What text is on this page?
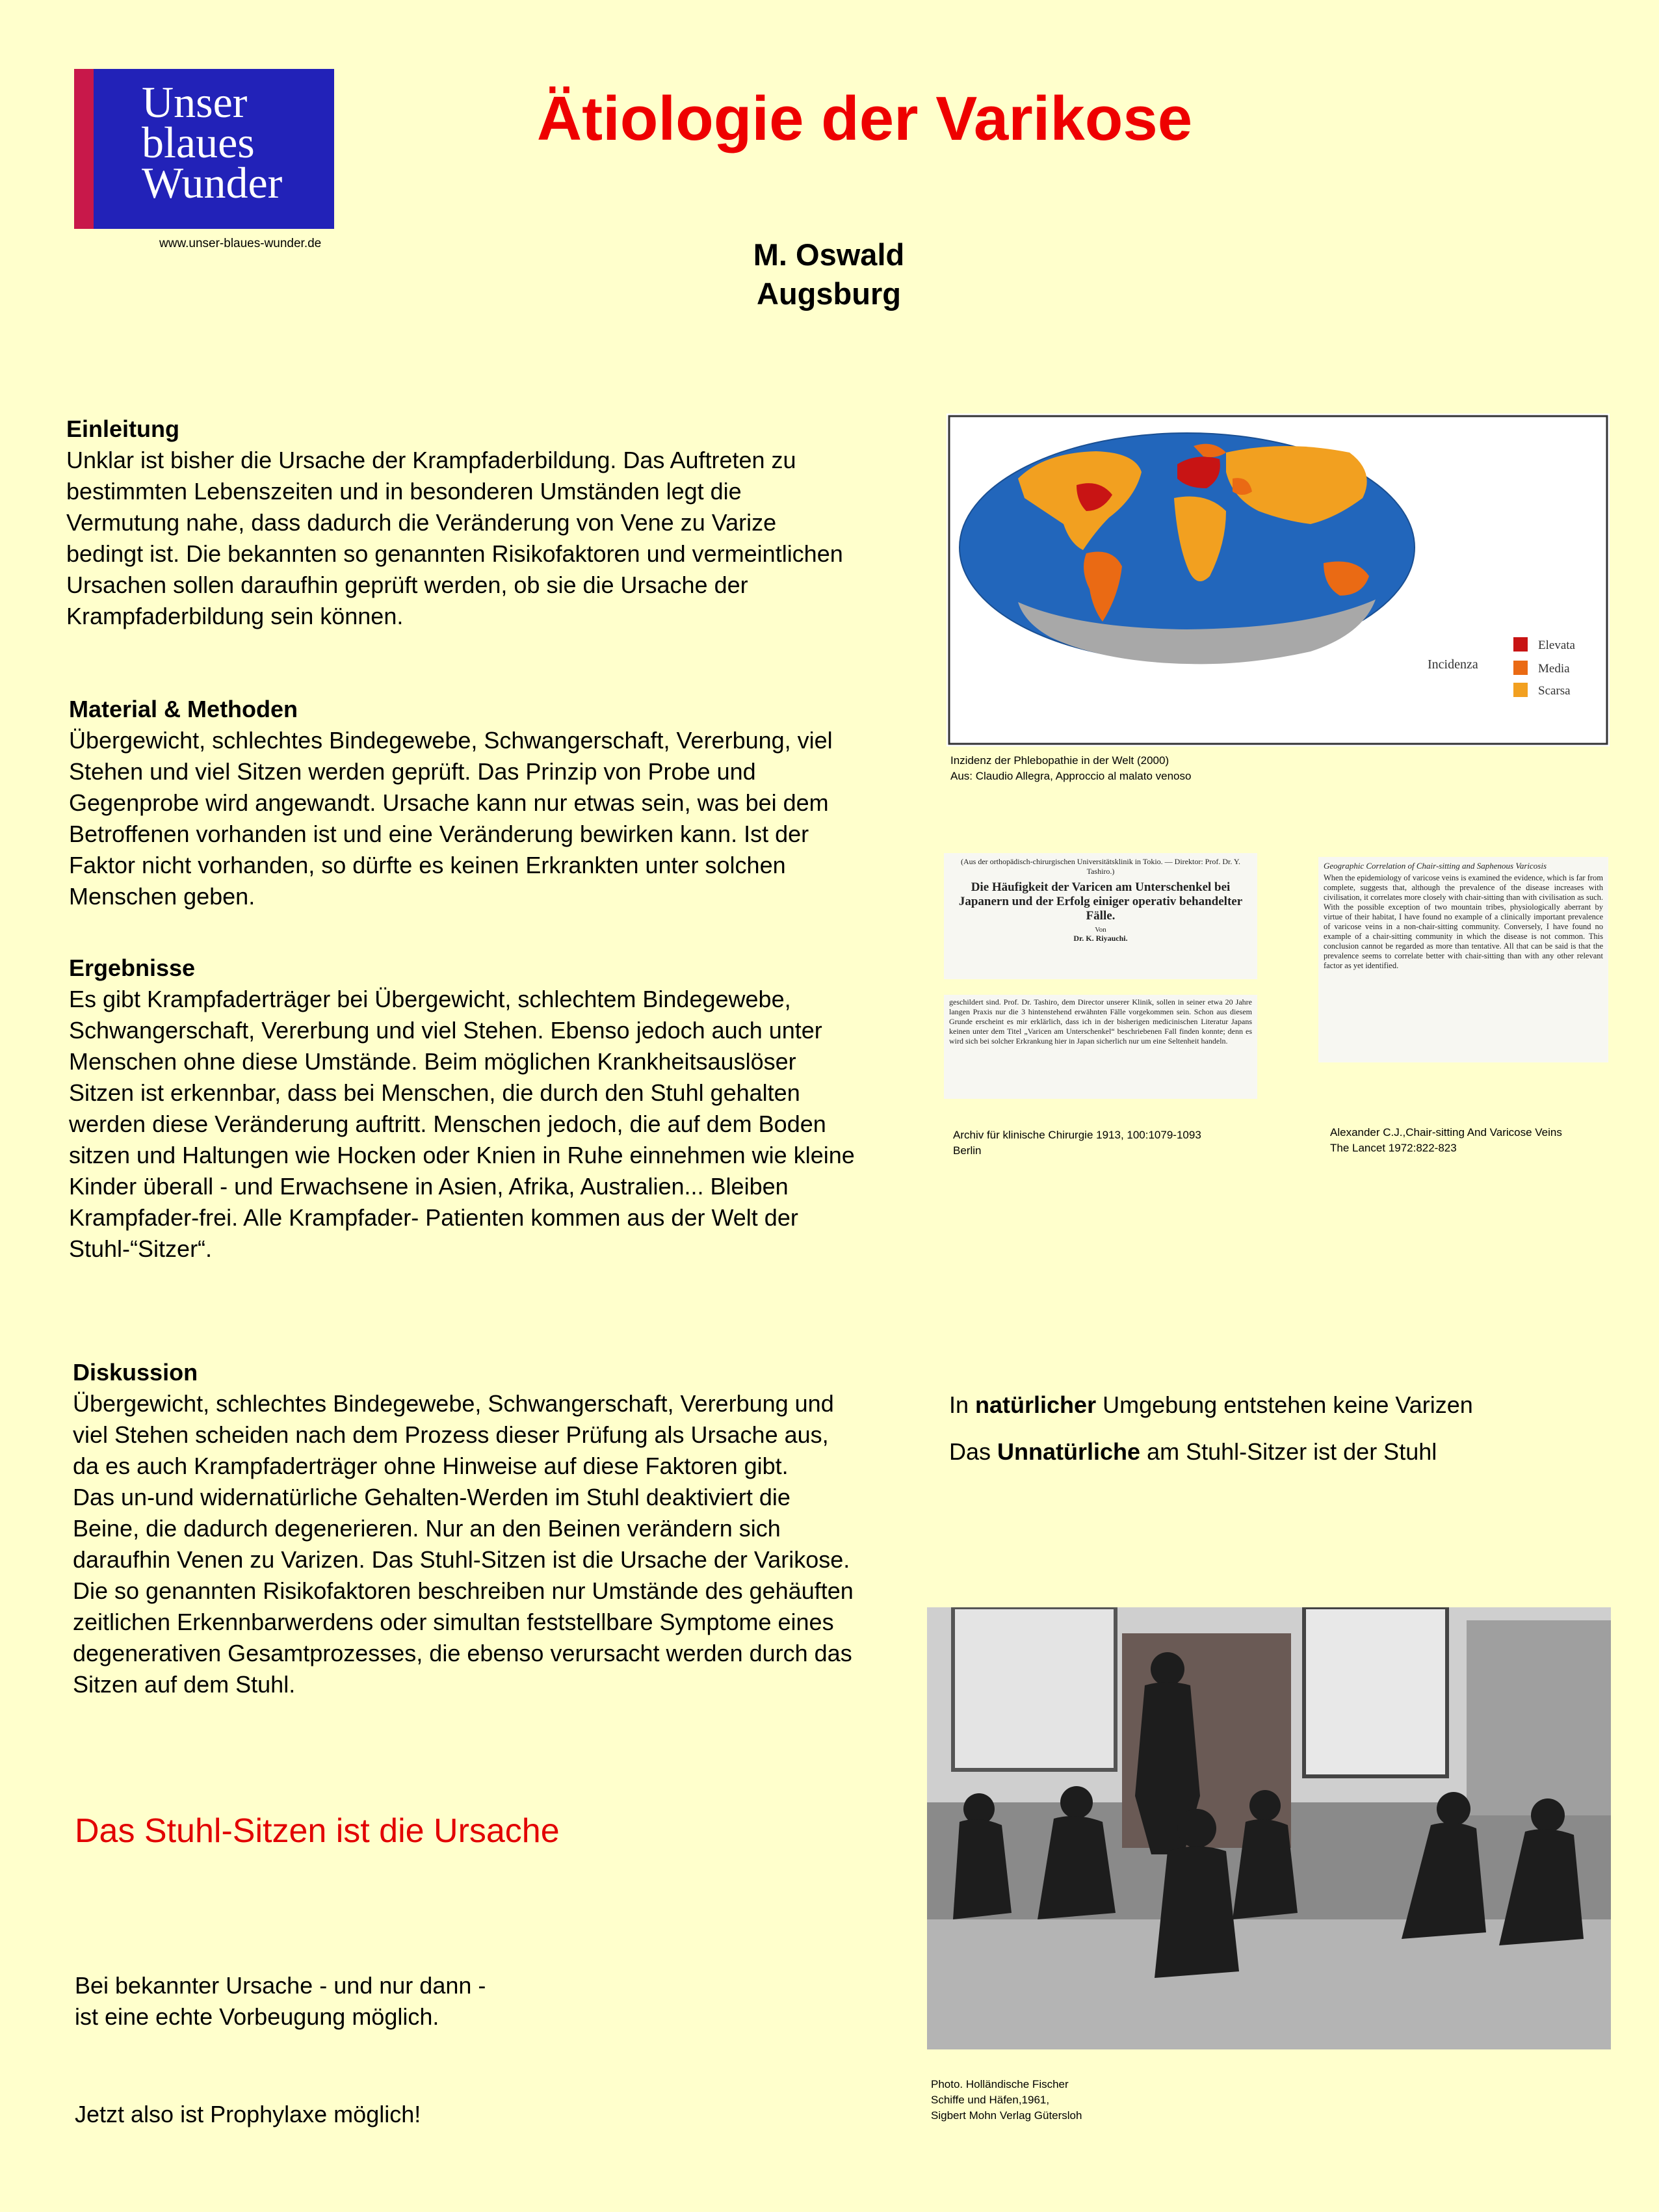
Unser
blaues
Wunder
www.unser-blaues-wunder.de
Ätiologie der Varikose
M. Oswald
Augsburg
Einleitung

Unklar ist bisher die Ursache der Krampfaderbildung. Das Auftreten zu bestimmten Lebenszeiten und in besonderen Umständen legt die Vermutung nahe, dass dadurch die Veränderung von Vene zu Varize bedingt ist. Die bekannten so genannten Risikofaktoren und vermeintlichen Ursachen sollen daraufhin geprüft werden, ob sie die Ursache der Krampfaderbildung sein können.

Material & Methoden

Übergewicht, schlechtes Bindegewebe, Schwangerschaft, Vererbung, viel Stehen und viel Sitzen werden geprüft. Das Prinzip von Probe und Gegenprobe wird angewandt. Ursache kann nur etwas sein, was bei dem Betroffenen vorhanden ist und eine Veränderung bewirken kann. Ist der Faktor nicht vorhanden, so dürfte es keinen Erkrankten unter solchen Menschen geben.

Ergebnisse

Es gibt Krampfaderträger bei Übergewicht, schlechtem Bindegewebe, Schwangerschaft, Vererbung und viel Stehen. Ebenso jedoch auch unter Menschen ohne diese Umstände. Beim möglichen Krankheitsauslöser Sitzen ist erkennbar, dass bei Menschen, die durch den Stuhl gehalten werden diese Veränderung auftritt. Menschen jedoch, die auf dem Boden sitzen und Haltungen wie Hocken oder Knien in Ruhe einnehmen wie kleine Kinder überall - und Erwachsene in Asien, Afrika, Australien... Bleiben Krampfader-frei. Alle Krampfader- Patienten kommen aus der Welt der Stuhl-“Sitzer“.

Diskussion

Übergewicht, schlechtes Bindegewebe, Schwangerschaft, Vererbung und viel Stehen scheiden nach dem Prozess dieser Prüfung als Ursache aus, da es auch Krampfaderträger ohne Hinweise auf diese Faktoren gibt.

Das un-und widernatürliche Gehalten-Werden im Stuhl deaktiviert die Beine, die dadurch degenerieren. Nur an den Beinen verändern sich daraufhin Venen zu Varizen. Das Stuhl-Sitzen ist die Ursache der Varikose.

Die so genannten Risikofaktoren beschreiben nur Umstände des gehäuften zeitlichen Erkennbarwerdens oder simultan feststellbare Symptome eines degenerativen Gesamtprozesses, die ebenso verursacht werden durch das Sitzen auf dem Stuhl.

Das Stuhl-Sitzen ist die Ursache
Bei bekannter Ursache - und nur dann -
ist eine echte Vorbeugung möglich.
Jetzt also ist Prophylaxe möglich!
Elevata
Media
Scarsa
Incidenza
Inzidenz der Phlebopathie in der Welt (2000)
Aus: Claudio Allegra, Approccio al malato venoso
(Aus der orthopädisch-chirurgischen Universitätsklinik in Tokio. — Direktor: Prof. Dr. Y. Tashiro.)
Die Häufigkeit der Varicen am Unterschenkel bei Japanern und der Erfolg einiger operativ behandelter Fälle.
Von
Dr. K. Riyauchi.
geschildert sind. Prof. Dr. Tashiro, dem Director unserer Klinik, sollen in seiner etwa 20 Jahre langen Praxis nur die 3 hintenstehend erwähnten Fälle vorgekommen sein. Schon aus diesem Grunde erscheint es mir erklärlich, dass ich in der bisherigen medicinischen Literatur Japans keinen unter dem Titel „Varicen am Unterschenkel“ beschriebenen Fall finden konnte; denn es wird sich bei solcher Erkrankung hier in Japan sicherlich nur um eine Seltenheit handeln.
Archiv für klinische Chirurgie 1913, 100:1079-1093
Berlin
Geographic Correlation of Chair-sitting and Saphenous Varicosis
When the epidemiology of varicose veins is examined the evidence, which is far from complete, suggests that, although the prevalence of the disease increases with civilisation, it correlates more closely with chair-sitting than with civilisation as such. With the possible exception of two mountain tribes, physiologically aberrant by virtue of their habitat, I have found no example of a clinically important prevalence of varicose veins in a non-chair-sitting community. Conversely, I have found no example of a chair-sitting community in which the disease is not common. This conclusion cannot be regarded as more than tentative. All that can be said is that the prevalence seems to correlate better with chair-sitting than with any other relevant factor as yet identified.
Alexander C.J.,Chair-sitting And Varicose Veins
The Lancet 1972:822-823
In natürlicher Umgebung entstehen keine Varizen
Das Unnatürliche am Stuhl-Sitzer ist der Stuhl
Photo. Holländische Fischer
Schiffe und Häfen,1961,
Sigbert Mohn Verlag Gütersloh
